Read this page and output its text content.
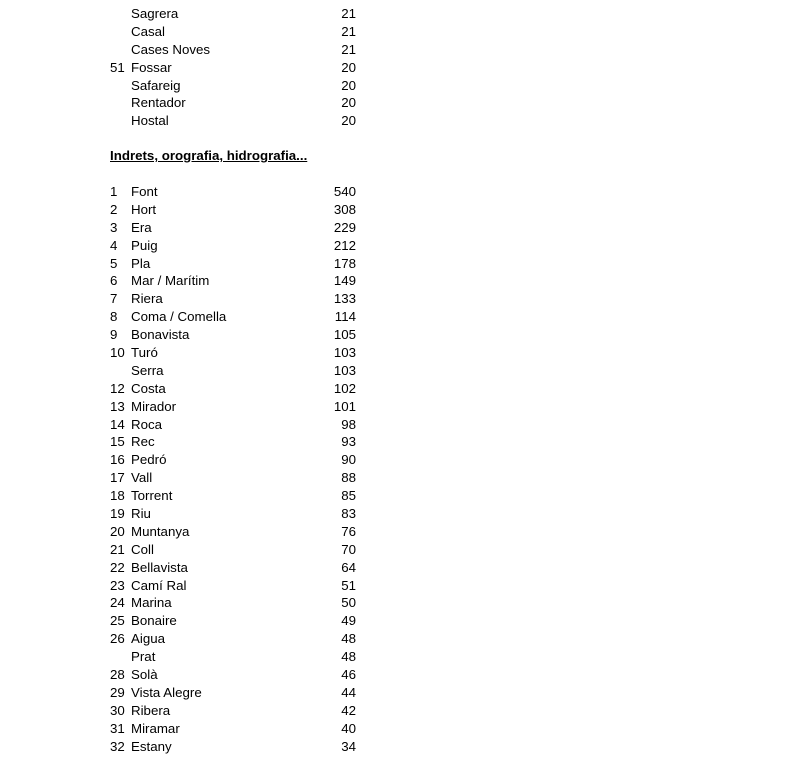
Sagrera	21
Casal	21
Cases Noves	21
51 Fossar	20
Safareig	20
Rentador	20
Hostal	20
Indrets, orografia, hidrografia...
1 Font	540
2 Hort	308
3 Era	229
4 Puig	212
5 Pla	178
6 Mar / Marítim	149
7 Riera	133
8 Coma / Comella	114
9 Bonavista	105
10 Turó	103
Serra	103
12 Costa	102
13 Mirador	101
14 Roca	98
15 Rec	93
16 Pedró	90
17 Vall	88
18 Torrent	85
19 Riu	83
20 Muntanya	76
21 Coll	70
22 Bellavista	64
23 Camí Ral	51
24 Marina	50
25 Bonaire	49
26 Aigua	48
Prat	48
28 Solà	46
29 Vista Alegre	44
30 Ribera	42
31 Miramar	40
32 Estany	34
